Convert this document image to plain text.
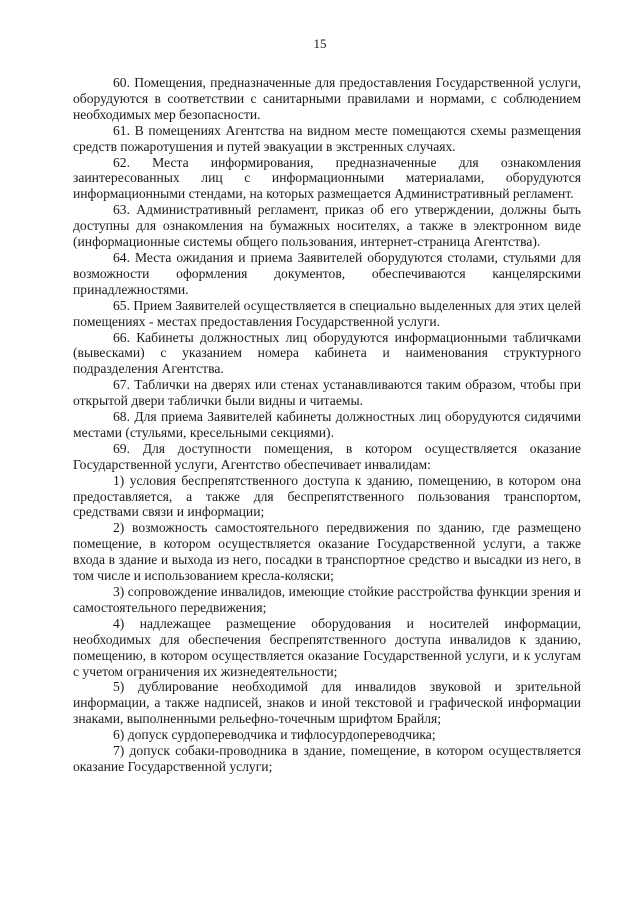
15

60. Помещения, предназначенные для предоставления Государственной услуги, оборудуются в соответствии с санитарными правилами и нормами, с соблюдением необходимых мер безопасности.

61. В помещениях Агентства на видном месте помещаются схемы размещения средств пожаротушения и путей эвакуации в экстренных случаях.

62. Места информирования, предназначенные для ознакомления заинтересованных лиц с информационными материалами, оборудуются информационными стендами, на которых размещается Административный регламент.

63. Административный регламент, приказ об его утверждении, должны быть доступны для ознакомления на бумажных носителях, а также в электронном виде (информационные системы общего пользования, интернет-страница Агентства).

64. Места ожидания и приема Заявителей оборудуются столами, стульями для возможности оформления документов, обеспечиваются канцелярскими принадлежностями.

65. Прием Заявителей осуществляется в специально выделенных для этих целей помещениях - местах предоставления Государственной услуги.

66. Кабинеты должностных лиц оборудуются информационными табличками (вывесками) с указанием номера кабинета и наименования структурного подразделения Агентства.

67. Таблички на дверях или стенах устанавливаются таким образом, чтобы при открытой двери таблички были видны и читаемы.

68. Для приема Заявителей кабинеты должностных лиц оборудуются сидячими местами (стульями, кресельными секциями).

69. Для доступности помещения, в котором осуществляется оказание Государственной услуги, Агентство обеспечивает инвалидам:

1) условия беспрепятственного доступа к зданию, помещению, в котором она предоставляется, а также для беспрепятственного пользования транспортом, средствами связи и информации;

2) возможность самостоятельного передвижения по зданию, где размещено помещение, в котором осуществляется оказание Государственной услуги, а также входа в здание и выхода из него, посадки в транспортное средство и высадки из него, в том числе и использованием кресла-коляски;

3) сопровождение инвалидов, имеющие стойкие расстройства функции зрения и самостоятельного передвижения;

4) надлежащее размещение оборудования и носителей информации, необходимых для обеспечения беспрепятственного доступа инвалидов к зданию, помещению, в котором осуществляется оказание Государственной услуги, и к услугам с учетом ограничения их жизнедеятельности;

5) дублирование необходимой для инвалидов звуковой и зрительной информации, а также надписей, знаков и иной текстовой и графической информации знаками, выполненными рельефно-точечным шрифтом Брайля;

6) допуск сурдопереводчика и тифлосурдопереводчика;

7) допуск собаки-проводника в здание, помещение, в котором осуществляется оказание Государственной услуги;
